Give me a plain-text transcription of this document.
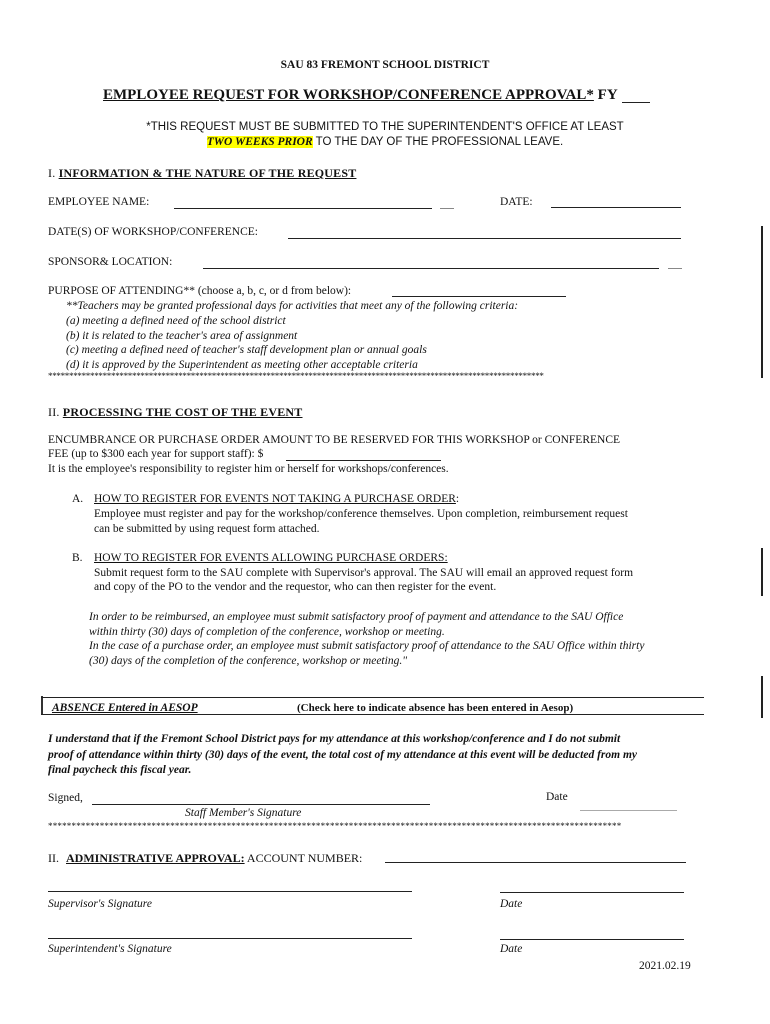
SAU 83 FREMONT SCHOOL DISTRICT
EMPLOYEE REQUEST FOR WORKSHOP/CONFERENCE APPROVAL* FY
*THIS REQUEST MUST BE SUBMITTED TO THE SUPERINTENDENT'S OFFICE AT LEAST
TWO WEEKS PRIOR TO THE DAY OF THE PROFESSIONAL LEAVE.
I. INFORMATION & THE NATURE OF THE REQUEST
EMPLOYEE NAME:	DATE:
DATE(S) OF WORKSHOP/CONFERENCE:
SPONSOR& LOCATION:
PURPOSE OF ATTENDING** (choose a, b, c, or d from below):
**Teachers may be granted professional days for activities that meet any of the following criteria:
(a) meeting a defined need of the school district
(b) it is related to the teacher's area of assignment
(c) meeting a defined need of teacher's staff development plan or annual goals
(d) it is approved by the Superintendent as meeting other acceptable criteria
**********************************************************************************************************************
II. PROCESSING THE COST OF THE EVENT
ENCUMBRANCE OR PURCHASE ORDER AMOUNT TO BE RESERVED FOR THIS WORKSHOP or CONFERENCE
FEE (up to $300 each year for support staff): $
It is the employee's responsibility to register him or herself for workshops/conferences.
A. HOW TO REGISTER FOR EVENTS NOT TAKING A PURCHASE ORDER:
Employee must register and pay for the workshop/conference themselves. Upon completion, reimbursement request
can be submitted by using request form attached.
B. HOW TO REGISTER FOR EVENTS ALLOWING PURCHASE ORDERS:
Submit request form to the SAU complete with Supervisor's approval. The SAU will email an approved request form
and copy of the PO to the vendor and the requestor, who can then register for the event.
In order to be reimbursed, an employee must submit satisfactory proof of payment and attendance to the SAU Office
within thirty (30) days of completion of the conference, workshop or meeting.
In the case of a purchase order, an employee must submit satisfactory proof of attendance to the SAU Office within thirty
(30) days of the completion of the conference, workshop or meeting."
ABSENCE Entered in AESOP	(Check here to indicate absence has been entered in Aesop)
I understand that if the Fremont School District pays for my attendance at this workshop/conference and I do not submit
proof of attendance within thirty (30) days of the event, the total cost of my attendance at this event will be deducted from my
final paycheck this fiscal year.
Signed,
Staff Member's Signature
Date
**************************************************************************************************************************
II. ADMINISTRATIVE APPROVAL: ACCOUNT NUMBER:
Supervisor's Signature	Date
Superintendent's Signature	Date
2021.02.19
